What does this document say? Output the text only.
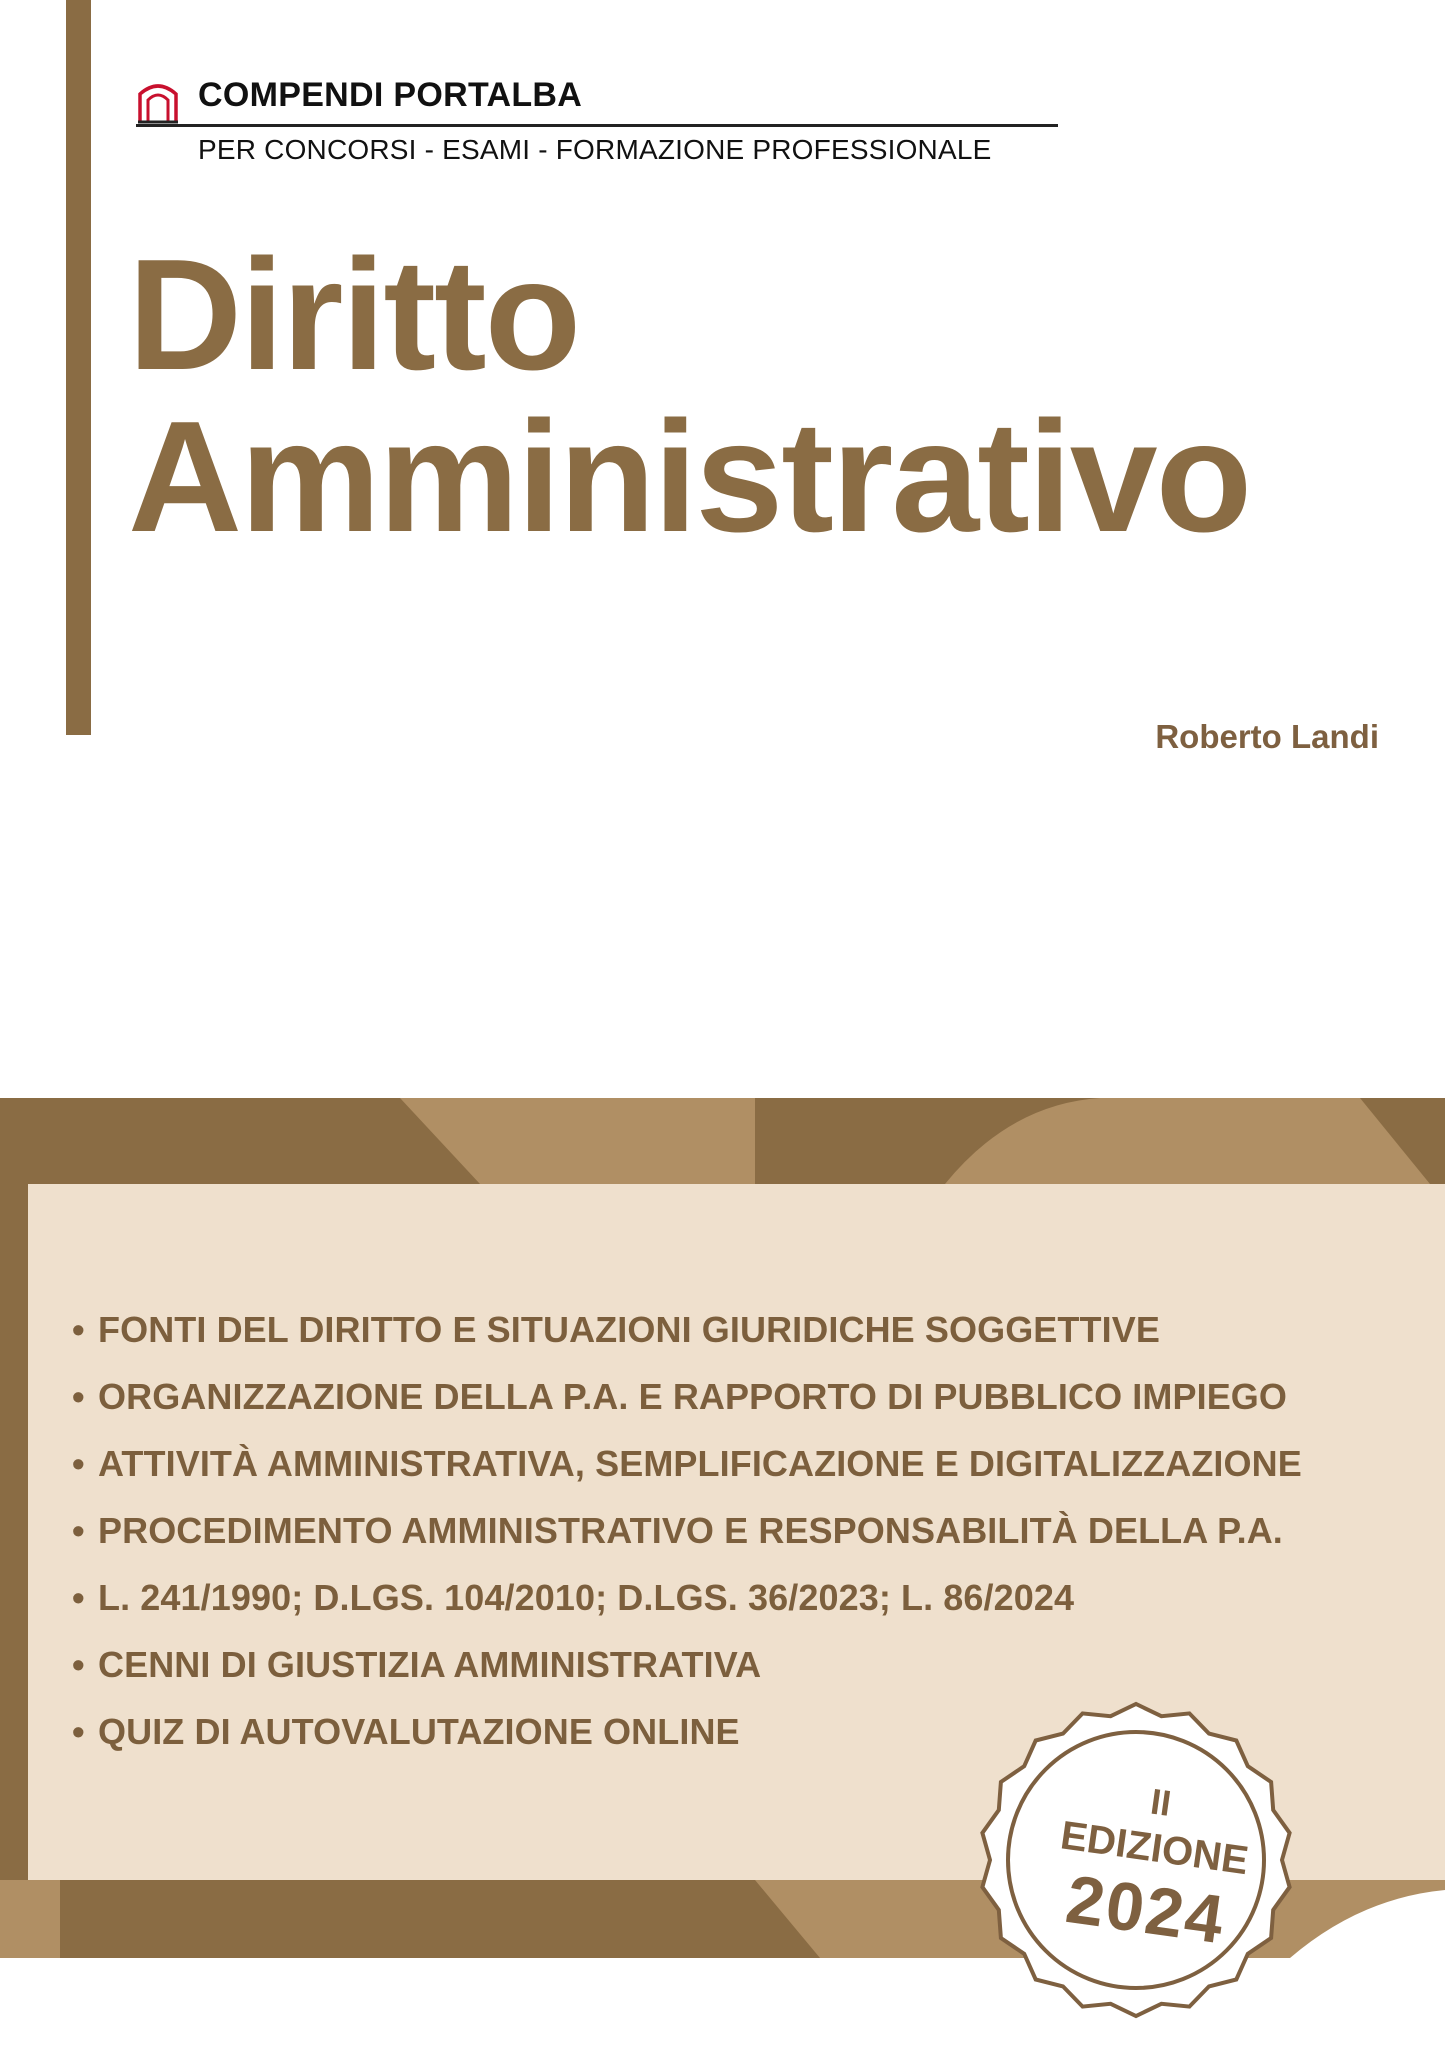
COMPENDI PORTALBA
PER CONCORSI - ESAMI - FORMAZIONE PROFESSIONALE
Diritto
Amministrativo
Roberto Landi
• FONTI DEL DIRITTO E SITUAZIONI GIURIDICHE SOGGETTIVE
• ORGANIZZAZIONE DELLA P.A. E RAPPORTO DI PUBBLICO IMPIEGO
• ATTIVITÀ AMMINISTRATIVA, SEMPLIFICAZIONE E DIGITALIZZAZIONE
• PROCEDIMENTO AMMINISTRATIVO E RESPONSABILITÀ DELLA P.A.
• L. 241/1990; D.LGS. 104/2010; D.LGS. 36/2023; L. 86/2024
• CENNI DI GIUSTIZIA AMMINISTRATIVA
• QUIZ DI AUTOVALUTAZIONE ONLINE
II
EDIZIONE
2024
